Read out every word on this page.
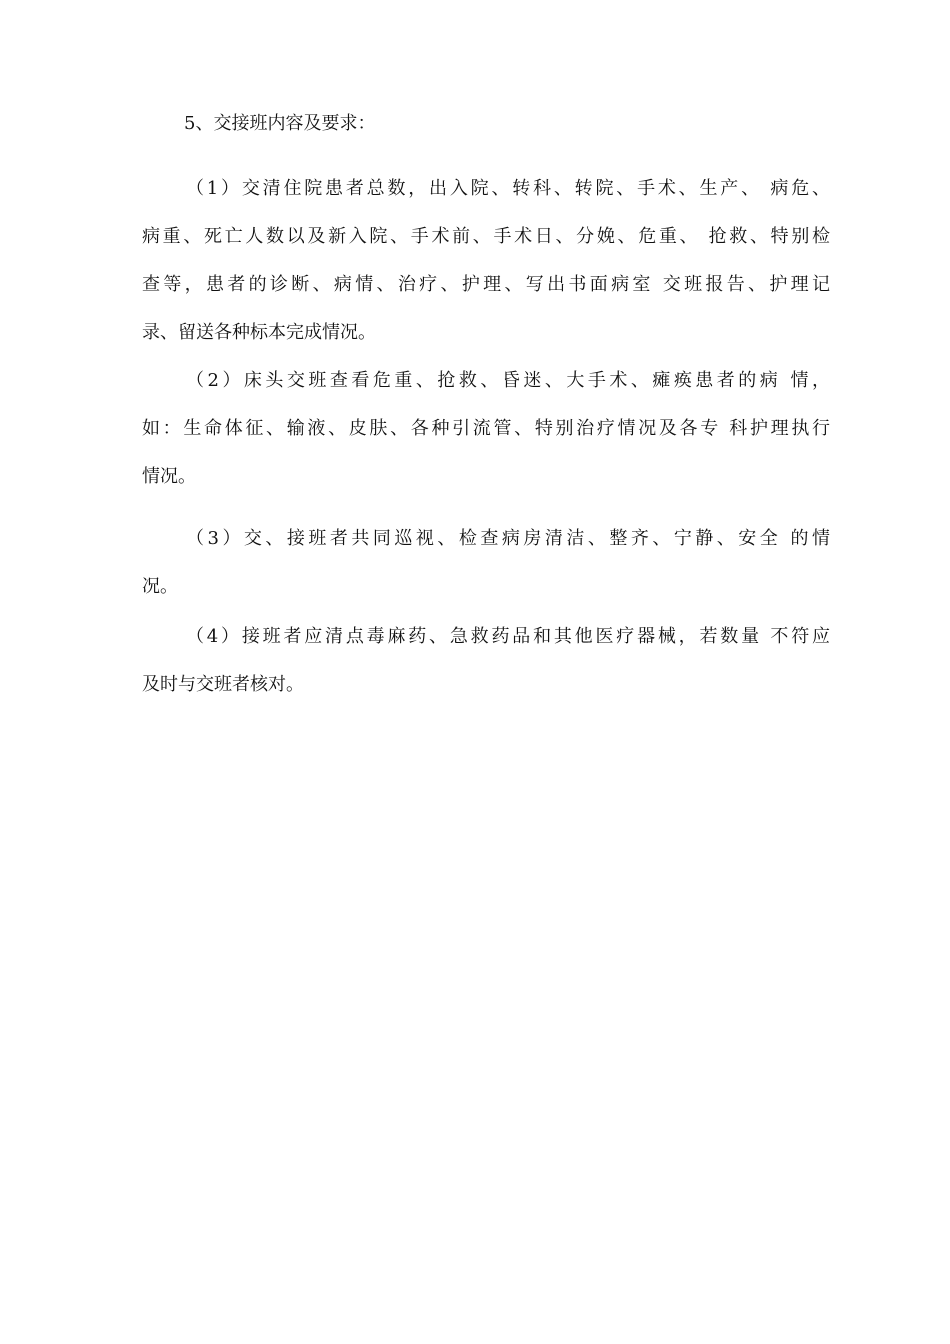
5、交接班内容及要求：

（1）交清住院患者总数，出入院、转科、转院、手术、生产、 病危、
病重、死亡人数以及新入院、手术前、手术日、分娩、危重、 抢救、特别检
查等，患者的诊断、病情、治疗、护理、写出书面病室 交班报告、护理记
录、留送各种标本完成情况。
（2）床头交班查看危重、抢救、昏迷、大手术、瘫痪患者的病 情，
如：生命体征、输液、皮肤、各种引流管、特别治疗情况及各专 科护理执行
情况。
（3）交、接班者共同巡视、检查病房清洁、整齐、宁静、安全 的情
况。
（4）接班者应清点毒麻药、急救药品和其他医疗器械，若数量 不符应
及时与交班者核对。
